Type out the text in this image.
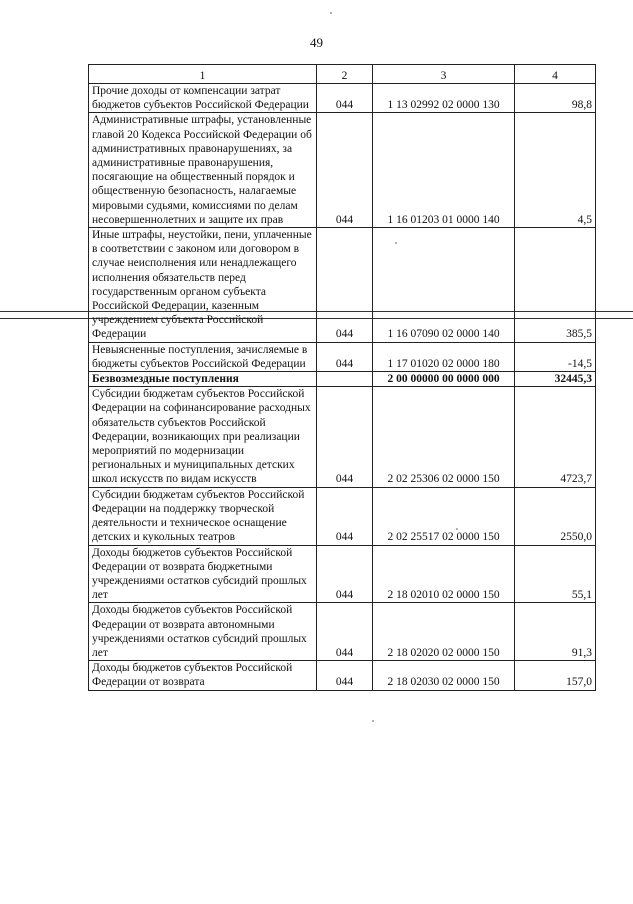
49
1	2	3	4
Прочие доходы от компенсации затрат бюджетов субъектов Российской Федерации	044	1 13 02992 02 0000 130	98,8
Административные штрафы, установленные главой 20 Кодекса Российской Федерации об административных правонарушениях, за административные правонарушения, посягающие на общественный порядок и общественную безопасность, налагаемые мировыми судьями, комиссиями по делам несовершеннолетних и защите их прав	044	1 16 01203 01 0000 140	4,5
Иные штрафы, неустойки, пени, уплаченные в соответствии с законом или договором в случае неисполнения или ненадлежащего исполнения обязательств перед государственным органом субъекта Российской Федерации, казенным учреждением субъекта Российской Федерации	044	1 16 07090 02 0000 140	385,5
Невыясненные поступления, зачисляемые в бюджеты субъектов Российской Федерации	044	1 17 01020 02 0000 180	-14,5
Безвозмездные поступления		2 00 00000 00 0000 000	32445,3
Субсидии бюджетам субъектов Российской Федерации на софинансирование расходных обязательств субъектов Российской Федерации, возникающих при реализации мероприятий по модернизации региональных и муниципальных детских школ искусств по видам искусств	044	2 02 25306 02 0000 150	4723,7
Субсидии бюджетам субъектов Российской Федерации на поддержку творческой деятельности и техническое оснащение детских и кукольных театров	044	2 02 25517 02 0000 150	2550,0
Доходы бюджетов субъектов Российской Федерации от возврата бюджетными учреждениями остатков субсидий прошлых лет	044	2 18 02010 02 0000 150	55,1
Доходы бюджетов субъектов Российской Федерации от возврата автономными учреждениями остатков субсидий прошлых лет	044	2 18 02020 02 0000 150	91,3
Доходы бюджетов субъектов Российской Федерации от возврата	044	2 18 02030 02 0000 150	157,0
